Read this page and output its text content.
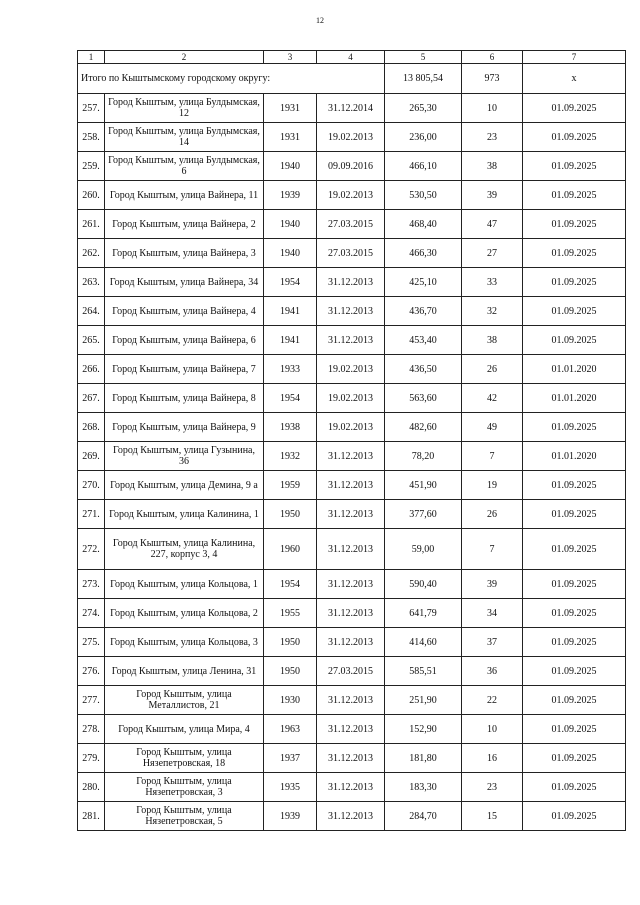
12
1	2	3	4	5	6	7
Итого по Кыштымскому городскому округу:				13 805,54	973	х
257.	Город Кыштым, улица Булдымская, 12	1931	31.12.2014	265,30	10	01.09.2025
258.	Город Кыштым, улица Булдымская, 14	1931	19.02.2013	236,00	23	01.09.2025
259.	Город Кыштым, улица Булдымская, 6	1940	09.09.2016	466,10	38	01.09.2025
260.	Город Кыштым, улица Вайнера, 11	1939	19.02.2013	530,50	39	01.09.2025
261.	Город Кыштым, улица Вайнера, 2	1940	27.03.2015	468,40	47	01.09.2025
262.	Город Кыштым, улица Вайнера, 3	1940	27.03.2015	466,30	27	01.09.2025
263.	Город Кыштым, улица Вайнера, 34	1954	31.12.2013	425,10	33	01.09.2025
264.	Город Кыштым, улица Вайнера, 4	1941	31.12.2013	436,70	32	01.09.2025
265.	Город Кыштым, улица Вайнера, 6	1941	31.12.2013	453,40	38	01.09.2025
266.	Город Кыштым, улица Вайнера, 7	1933	19.02.2013	436,50	26	01.01.2020
267.	Город Кыштым, улица Вайнера, 8	1954	19.02.2013	563,60	42	01.01.2020
268.	Город Кыштым, улица Вайнера, 9	1938	19.02.2013	482,60	49	01.09.2025
269.	Город Кыштым, улица Гузынина, 36	1932	31.12.2013	78,20	7	01.01.2020
270.	Город Кыштым, улица Демина, 9 а	1959	31.12.2013	451,90	19	01.09.2025
271.	Город Кыштым, улица Калинина, 1	1950	31.12.2013	377,60	26	01.09.2025
272.	Город Кыштым, улица Калинина, 227, корпус 3, 4	1960	31.12.2013	59,00	7	01.09.2025
273.	Город Кыштым, улица Кольцова, 1	1954	31.12.2013	590,40	39	01.09.2025
274.	Город Кыштым, улица Кольцова, 2	1955	31.12.2013	641,79	34	01.09.2025
275.	Город Кыштым, улица Кольцова, 3	1950	31.12.2013	414,60	37	01.09.2025
276.	Город Кыштым, улица Ленина, 31	1950	27.03.2015	585,51	36	01.09.2025
277.	Город Кыштым, улица Металлистов, 21	1930	31.12.2013	251,90	22	01.09.2025
278.	Город Кыштым, улица Мира, 4	1963	31.12.2013	152,90	10	01.09.2025
279.	Город Кыштым, улица Нязепетровская, 18	1937	31.12.2013	181,80	16	01.09.2025
280.	Город Кыштым, улица Нязепетровская, 3	1935	31.12.2013	183,30	23	01.09.2025
281.	Город Кыштым, улица Нязепетровская, 5	1939	31.12.2013	284,70	15	01.09.2025
